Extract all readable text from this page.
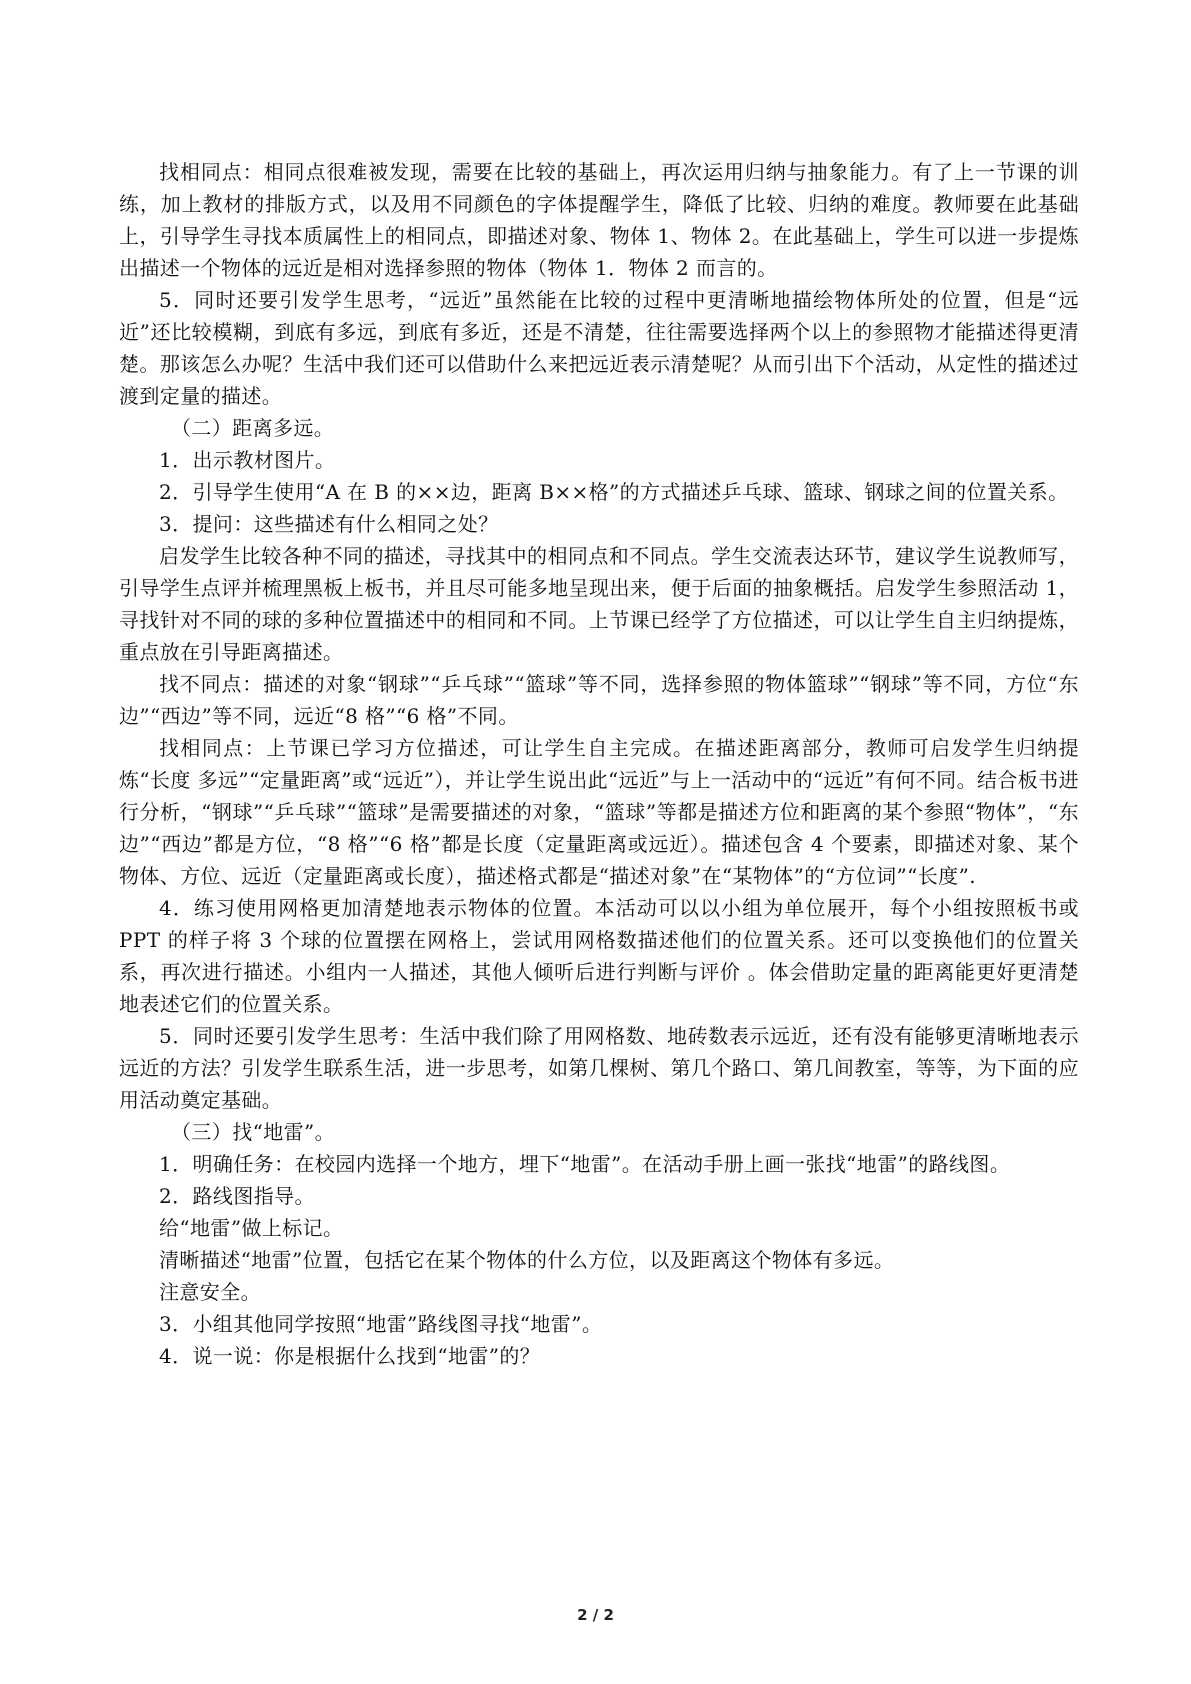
找相同点：相同点很难被发现，需要在比较的基础上，再次运用归纳与抽象能力。有了上一节课的训练，加上教材的排版方式，以及用不同颜色的字体提醒学生，降低了比较、归纳的难度。教师要在此基础上，引导学生寻找本质属性上的相同点，即描述对象、物体 1、物体 2。在此基础上，学生可以进一步提炼出描述一个物体的远近是相对选择参照的物体（物体 1．物体 2 而言的。

5．同时还要引发学生思考，“远近”虽然能在比较的过程中更清晰地描绘物体所处的位置，但是“远近”还比较模糊，到底有多远，到底有多近，还是不清楚，往往需要选择两个以上的参照物才能描述得更清楚。那该怎么办呢？生活中我们还可以借助什么来把远近表示清楚呢？从而引出下个活动，从定性的描述过渡到定量的描述。

（二）距离多远。

1．出示教材图片。

2．引导学生使用“A 在 B 的××边，距离 B××格”的方式描述乒乓球、篮球、钢球之间的位置关系。

3．提问：这些描述有什么相同之处？

启发学生比较各种不同的描述，寻找其中的相同点和不同点。学生交流表达环节，建议学生说教师写，引导学生点评并梳理黑板上板书，并且尽可能多地呈现出来，便于后面的抽象概括。启发学生参照活动 1，寻找针对不同的球的多种位置描述中的相同和不同。上节课已经学了方位描述，可以让学生自主归纳提炼，重点放在引导距离描述。

找不同点：描述的对象“钢球”“乒乓球”“篮球”等不同，选择参照的物体篮球”“钢球”等不同，方位“东边”“西边”等不同，远近“8 格”“6 格”不同。

找相同点：上节课已学习方位描述，可让学生自主完成。在描述距离部分，教师可启发学生归纳提炼“长度 多远”“定量距离”或“远近”），并让学生说出此“远近”与上一活动中的“远近”有何不同。结合板书进行分析，“钢球”“乒乓球”“篮球”是需要描述的对象，“篮球”等都是描述方位和距离的某个参照“物体”，“东边”“西边”都是方位，“8 格”“6 格”都是长度（定量距离或远近）。描述包含 4 个要素，即描述对象、某个物体、方位、远近（定量距离或长度），描述格式都是“描述对象”在“某物体”的“方位词”“长度”.

4．练习使用网格更加清楚地表示物体的位置。本活动可以以小组为单位展开，每个小组按照板书或 PPT 的样子将 3 个球的位置摆在网格上，尝试用网格数描述他们的位置关系。还可以变换他们的位置关系，再次进行描述。小组内一人描述，其他人倾听后进行判断与评价 。体会借助定量的距离能更好更清楚地表述它们的位置关系。

5．同时还要引发学生思考：生活中我们除了用网格数、地砖数表示远近，还有没有能够更清晰地表示远近的方法？引发学生联系生活，进一步思考，如第几棵树、第几个路口、第几间教室，等等，为下面的应用活动奠定基础。

（三）找“地雷”。

1．明确任务：在校园内选择一个地方，埋下“地雷”。在活动手册上画一张找“地雷”的路线图。

2．路线图指导。

给“地雷”做上标记。

清晰描述“地雷”位置，包括它在某个物体的什么方位，以及距离这个物体有多远。

注意安全。

3．小组其他同学按照“地雷”路线图寻找“地雷”。

4．说一说：你是根据什么找到“地雷”的？

2 / 2
